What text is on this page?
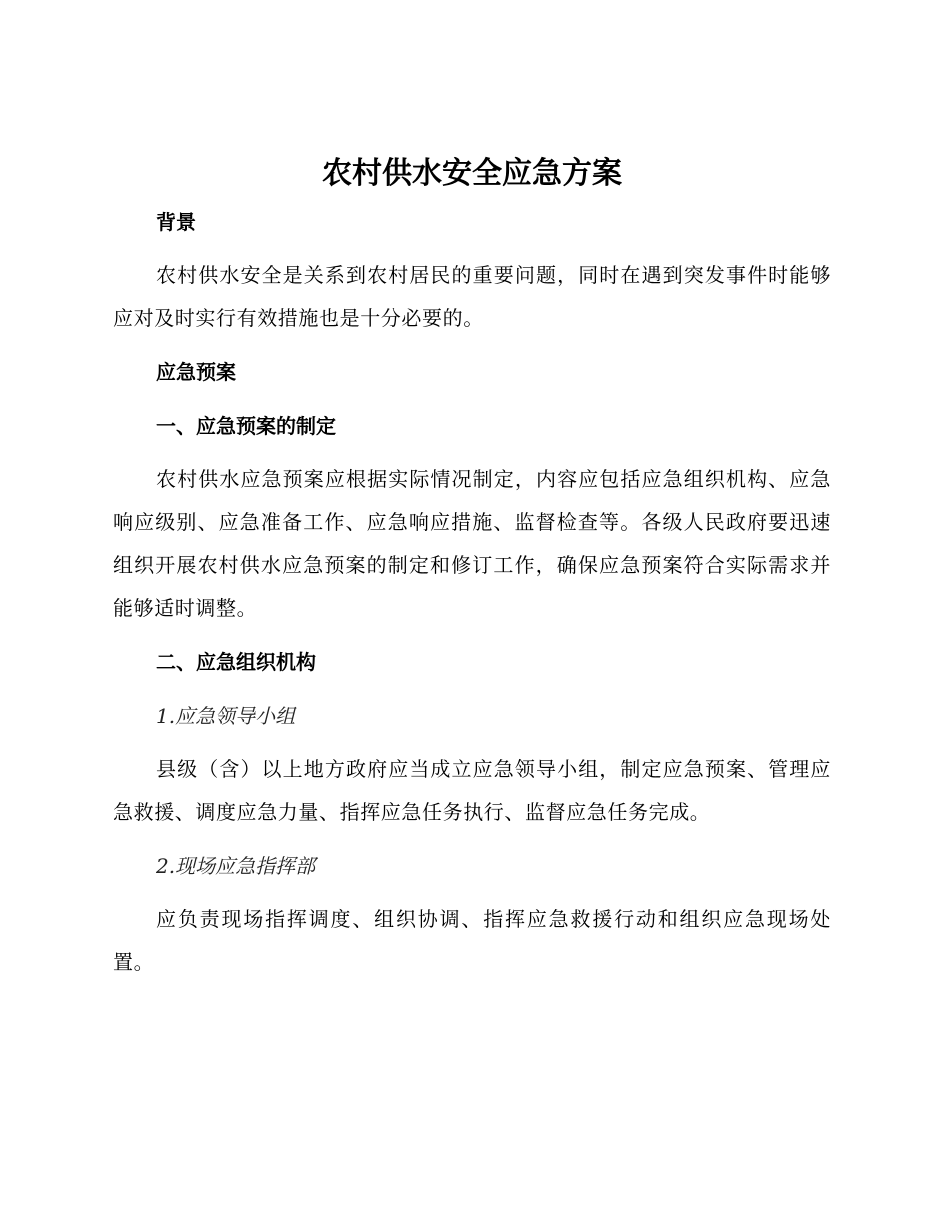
农村供水安全应急方案

背景

农村供水安全是关系到农村居民的重要问题，同时在遇到突发事件时能够应对及时实行有效措施也是十分必要的。

应急预案

一、应急预案的制定

农村供水应急预案应根据实际情况制定，内容应包括应急组织机构、应急响应级别、应急准备工作、应急响应措施、监督检查等。各级人民政府要迅速组织开展农村供水应急预案的制定和修订工作，确保应急预案符合实际需求并能够适时调整。

二、应急组织机构

1.应急领导小组

县级（含）以上地方政府应当成立应急领导小组，制定应急预案、管理应急救援、调度应急力量、指挥应急任务执行、监督应急任务完成。

2.现场应急指挥部

应负责现场指挥调度、组织协调、指挥应急救援行动和组织应急现场处置。
